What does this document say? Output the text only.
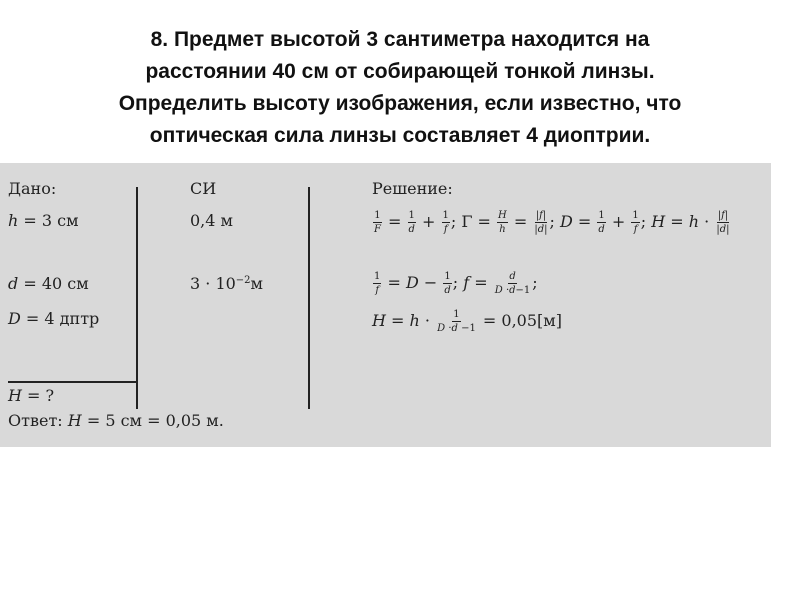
8. Предмет высотой 3 сантиметра находится на
расстоянии 40 см от собирающей тонкой линзы.
Определить высоту изображения, если известно, что
оптическая сила линзы составляет 4 диоптрии.
Дано:	СИ	Решение:
h = 3 см
d = 40 см
D = 4 дптр
H = ?
0,4 м
$3 \cdot 10^{-2}м$
$\frac{1}{F} = \frac{1}{d} + \frac{1}{f}$ ; $\Gamma = \frac{H}{h} = \frac{|f|}{|d|}$ ; $D = \frac{1}{d} + \frac{1}{f}$ ; $H = h \cdot \frac{|f|}{|d|}$
$\frac{1}{f} = D - \frac{1}{d}$ ; $f = \frac{d}{D \cdot d-1}$ ;
$H = h \cdot \frac{1}{D \cdot d -1} = 0,05[м]$
Ответ: H = 5 см = 0,05 м.
